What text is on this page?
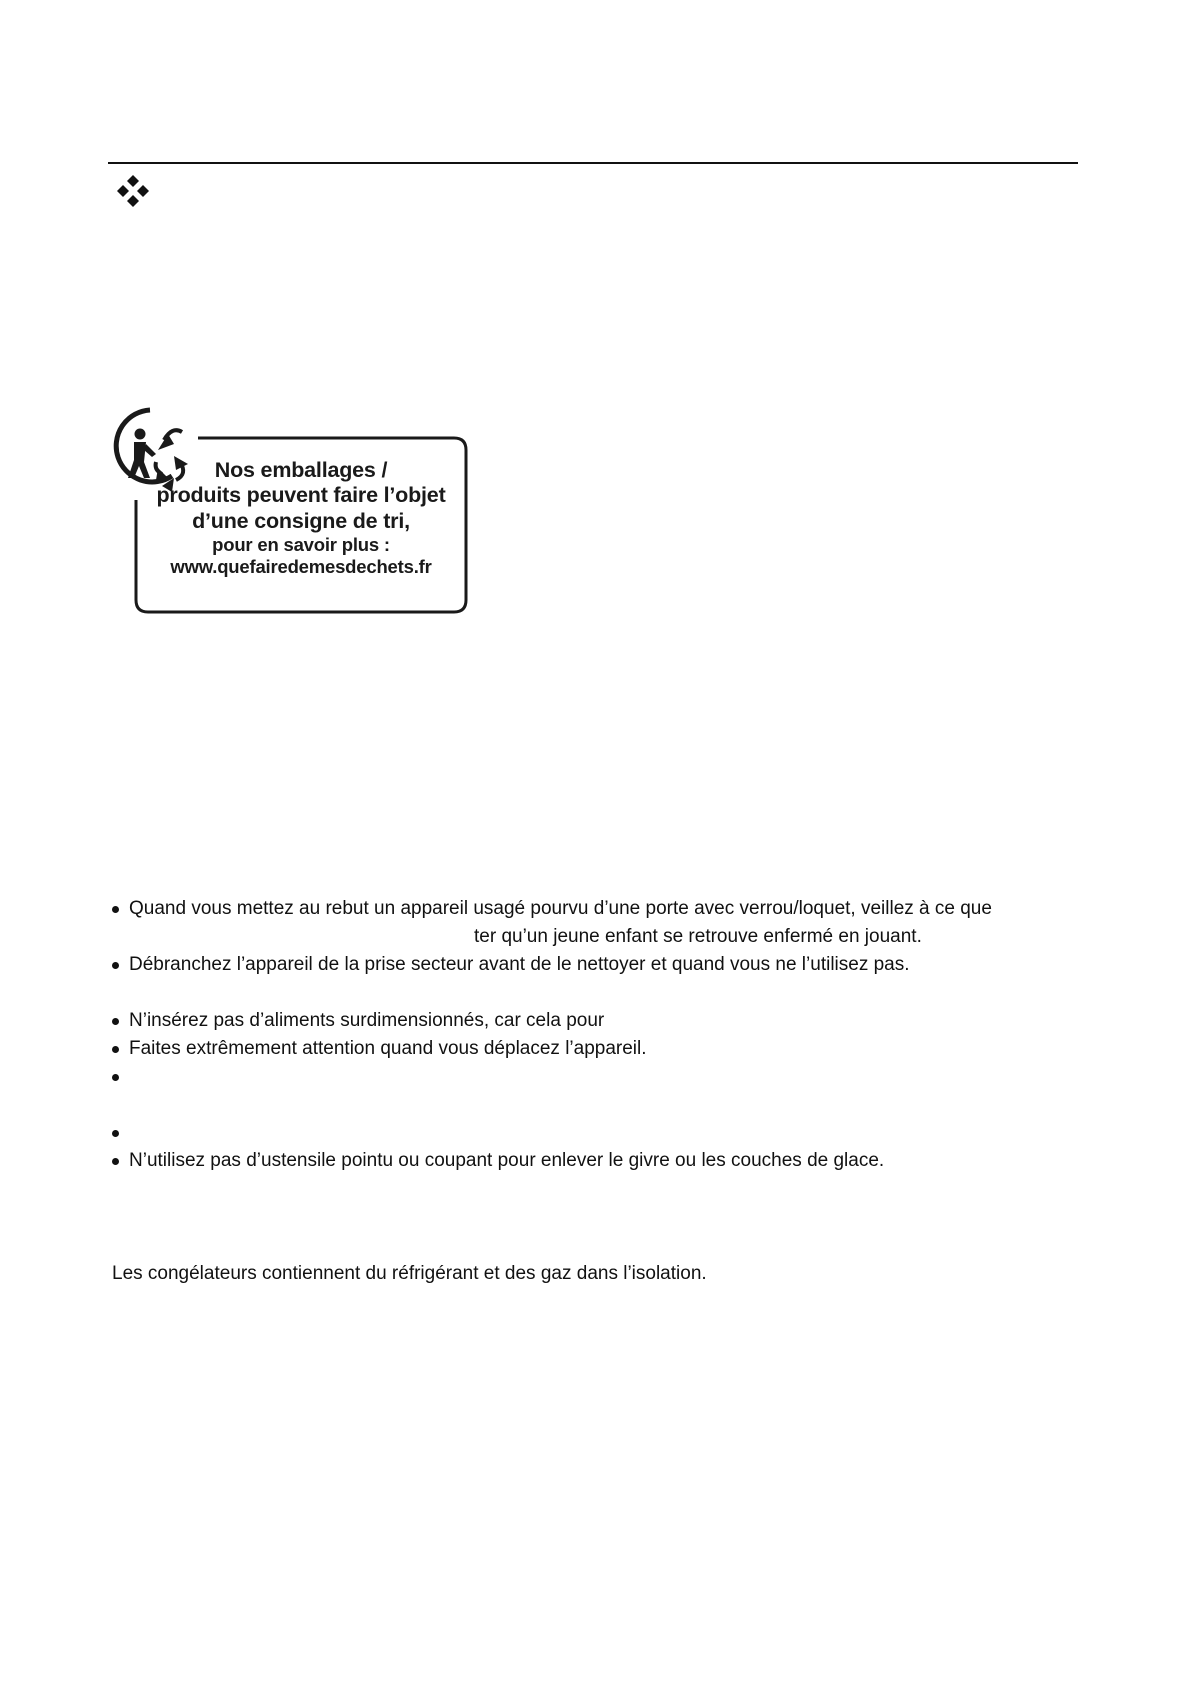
Nos emballages /
produits peuvent faire l’objet
d’une consigne de tri,
pour en savoir plus :
www.quefairedemesdechets.fr
Quand vous mettez au rebut un appareil usagé pourvu d’une porte avec verrou/loquet, veillez à ce que
ter qu’un jeune enfant se retrouve enfermé en jouant.
Débranchez l’appareil de la prise secteur avant de le nettoyer et quand vous ne l’utilisez pas.
N’insérez pas d’aliments surdimensionnés, car cela pour
Faites extrêmement attention quand vous déplacez l’appareil.
N’utilisez pas d’ustensile pointu ou coupant pour enlever le givre ou les couches de glace.
Les congélateurs contiennent du réfrigérant et des gaz dans l’isolation.
